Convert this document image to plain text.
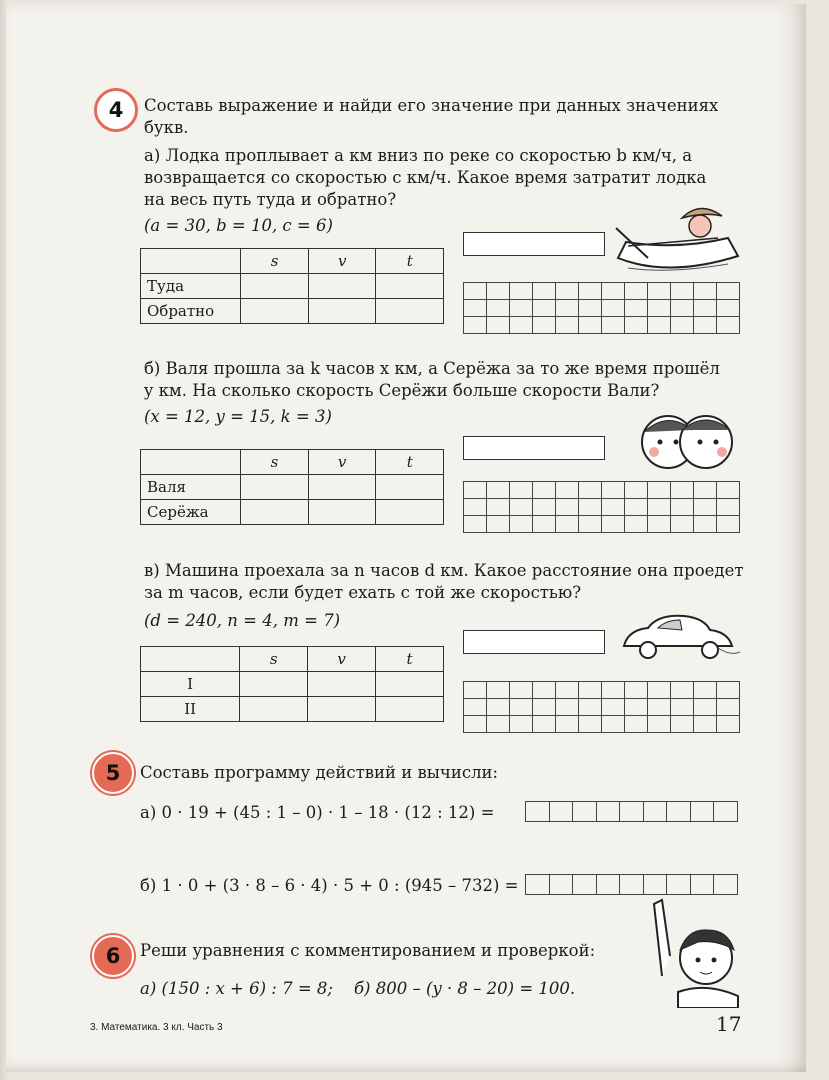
4 Составь выражение и найди его значение при данных значениях букв.
а) Лодка проплывает a км вниз по реке со скоростью b км/ч, а
возвращается со скоростью c км/ч. Какое время затратит лодка
на весь путь туда и обратно?
(a = 30, b = 10, c = 6)
	s	v	t
Туда			
Обратно			
б) Валя прошла за k часов x км, а Серёжа за то же время прошёл
y км. На сколько скорость Серёжи больше скорости Вали?
(x = 12, y = 15, k = 3)
	s	v	t
Валя			
Серёжа			
в) Машина проехала за n часов d км. Какое расстояние она проедет
за m часов, если будет ехать с той же скоростью?
(d = 240, n = 4, m = 7)
	s	v	t
I			
II			
5 Составь программу действий и вычисли:
а) 0 · 19 + (45 : 1 – 0) · 1 – 18 · (12 : 12) =
б) 1 · 0 + (3 · 8 – 6 · 4) · 5 + 0 : (945 – 732) =
6 Реши уравнения с комментированием и проверкой:
а) (150 : x + 6) : 7 = 8;    б) 800 – (y · 8 – 20) = 100.
3. Математика. 3 кл. Часть 3	17
